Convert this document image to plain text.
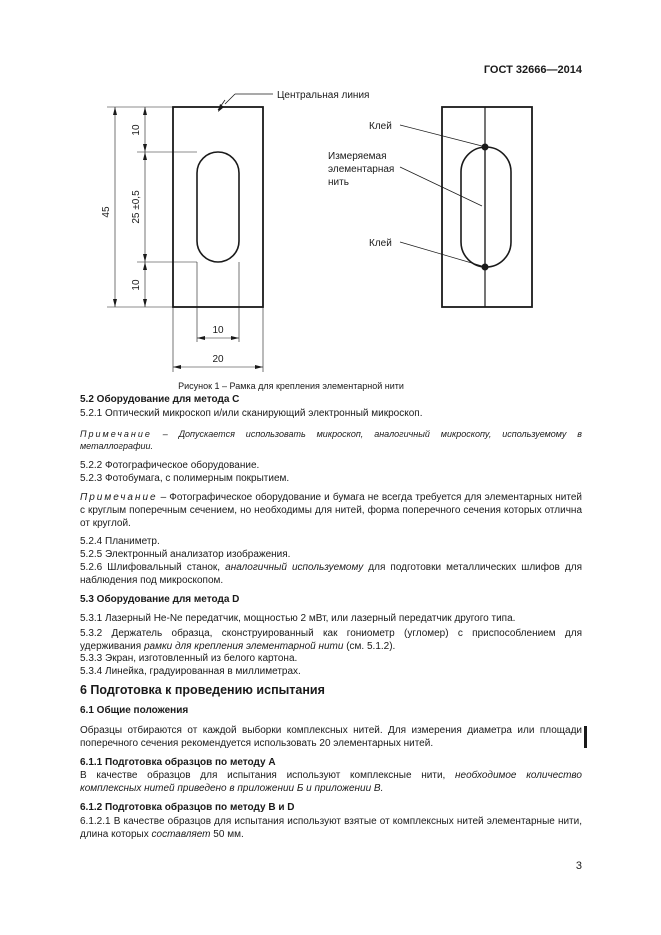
ГОСТ 32666—2014
Центральная линия
45
10
25 ±0,5
10
10
20
Клей
Измеряемая
элементарная
нить
Клей
Рисунок 1 – Рамка для крепления элементарной нити
5.2 Оборудование для метода С
5.2.1 Оптический микроскоп и/или сканирующий электронный микроскоп.
Примечание – Допускается использовать микроскоп, аналогичный микроскопу, используемому в металлографии.
5.2.2 Фотографическое оборудование.
5.2.3 Фотобумага, с полимерным покрытием.
Примечание – Фотографическое оборудование и бумага не всегда требуется для элементарных нитей с круглым поперечным сечением, но необходимы для нитей, форма поперечного сечения которых отлична от круглой.
5.2.4 Планиметр.
5.2.5 Электронный анализатор изображения.
5.2.6 Шлифовальный станок, аналогичный используемому для подготовки металлических шлифов для наблюдения под микроскопом.
5.3 Оборудование для метода D
5.3.1 Лазерный He-Ne передатчик, мощностью 2 мВт, или лазерный передатчик другого типа.
5.3.2 Держатель образца, сконструированный как гониометр (угломер) с приспособлением для удерживания рамки для крепления элементарной нити (см. 5.1.2).
5.3.3 Экран, изготовленный из белого картона.
5.3.4 Линейка, градуированная в миллиметрах.
6 Подготовка к проведению испытания
6.1 Общие положения
Образцы отбираются от каждой выборки комплексных нитей. Для измерения диаметра или площади поперечного сечения рекомендуется использовать 20 элементарных нитей.
6.1.1 Подготовка образцов по методу А
В качестве образцов для испытания используют комплексные нити, необходимое количество комплексных нитей приведено в приложении Б и приложении В.
6.1.2 Подготовка образцов по методу B и D
6.1.2.1 В качестве образцов для испытания используют взятые от комплексных нитей элементарные нити, длина которых составляет 50 мм.
3
